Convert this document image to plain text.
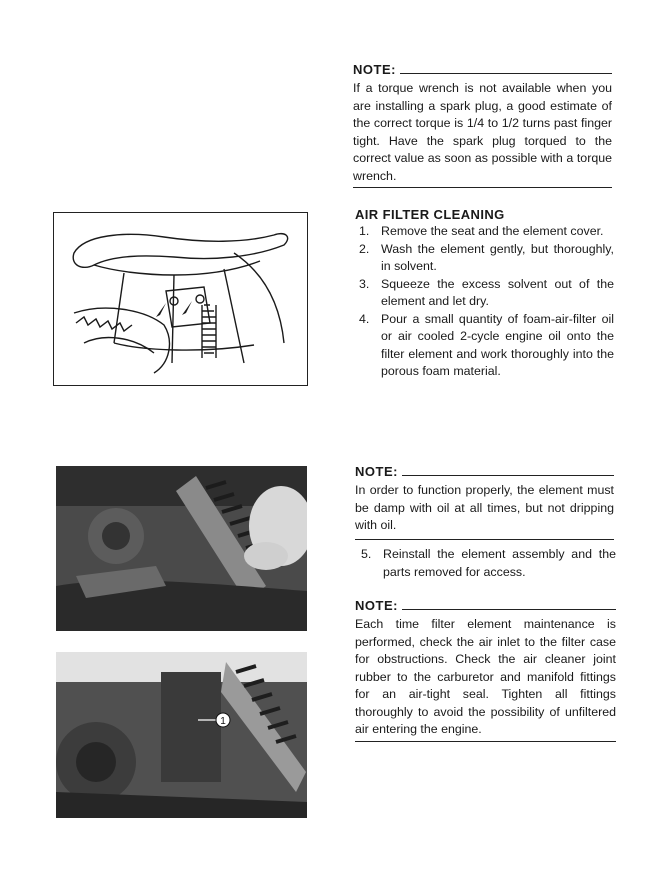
1
NOTE:
If a torque wrench is not available when you are installing a spark plug, a good estimate of the correct torque is 1/4 to 1/2 turns past finger tight. Have the spark plug torqued to the correct value as soon as possible with a torque wrench.
AIR FILTER CLEANING
1. Remove the seat and the element cover.
2. Wash the element gently, but thoroughly, in solvent.
3. Squeeze the excess solvent out of the element and let dry.
4. Pour a small quantity of foam-air-filter oil or air cooled 2-cycle engine oil onto the filter element and work thoroughly into the porous foam material.
NOTE:
In order to function properly, the element must be damp with oil at all times, but not dripping with oil.
5. Reinstall the element assembly and the parts removed for access.
NOTE:
Each time filter element maintenance is performed, check the air inlet to the filter case for obstructions. Check the air cleaner joint rubber to the carburetor and manifold fittings for an air-tight seal. Tighten all fittings thoroughly to avoid the possibility of unfiltered air entering the engine.
